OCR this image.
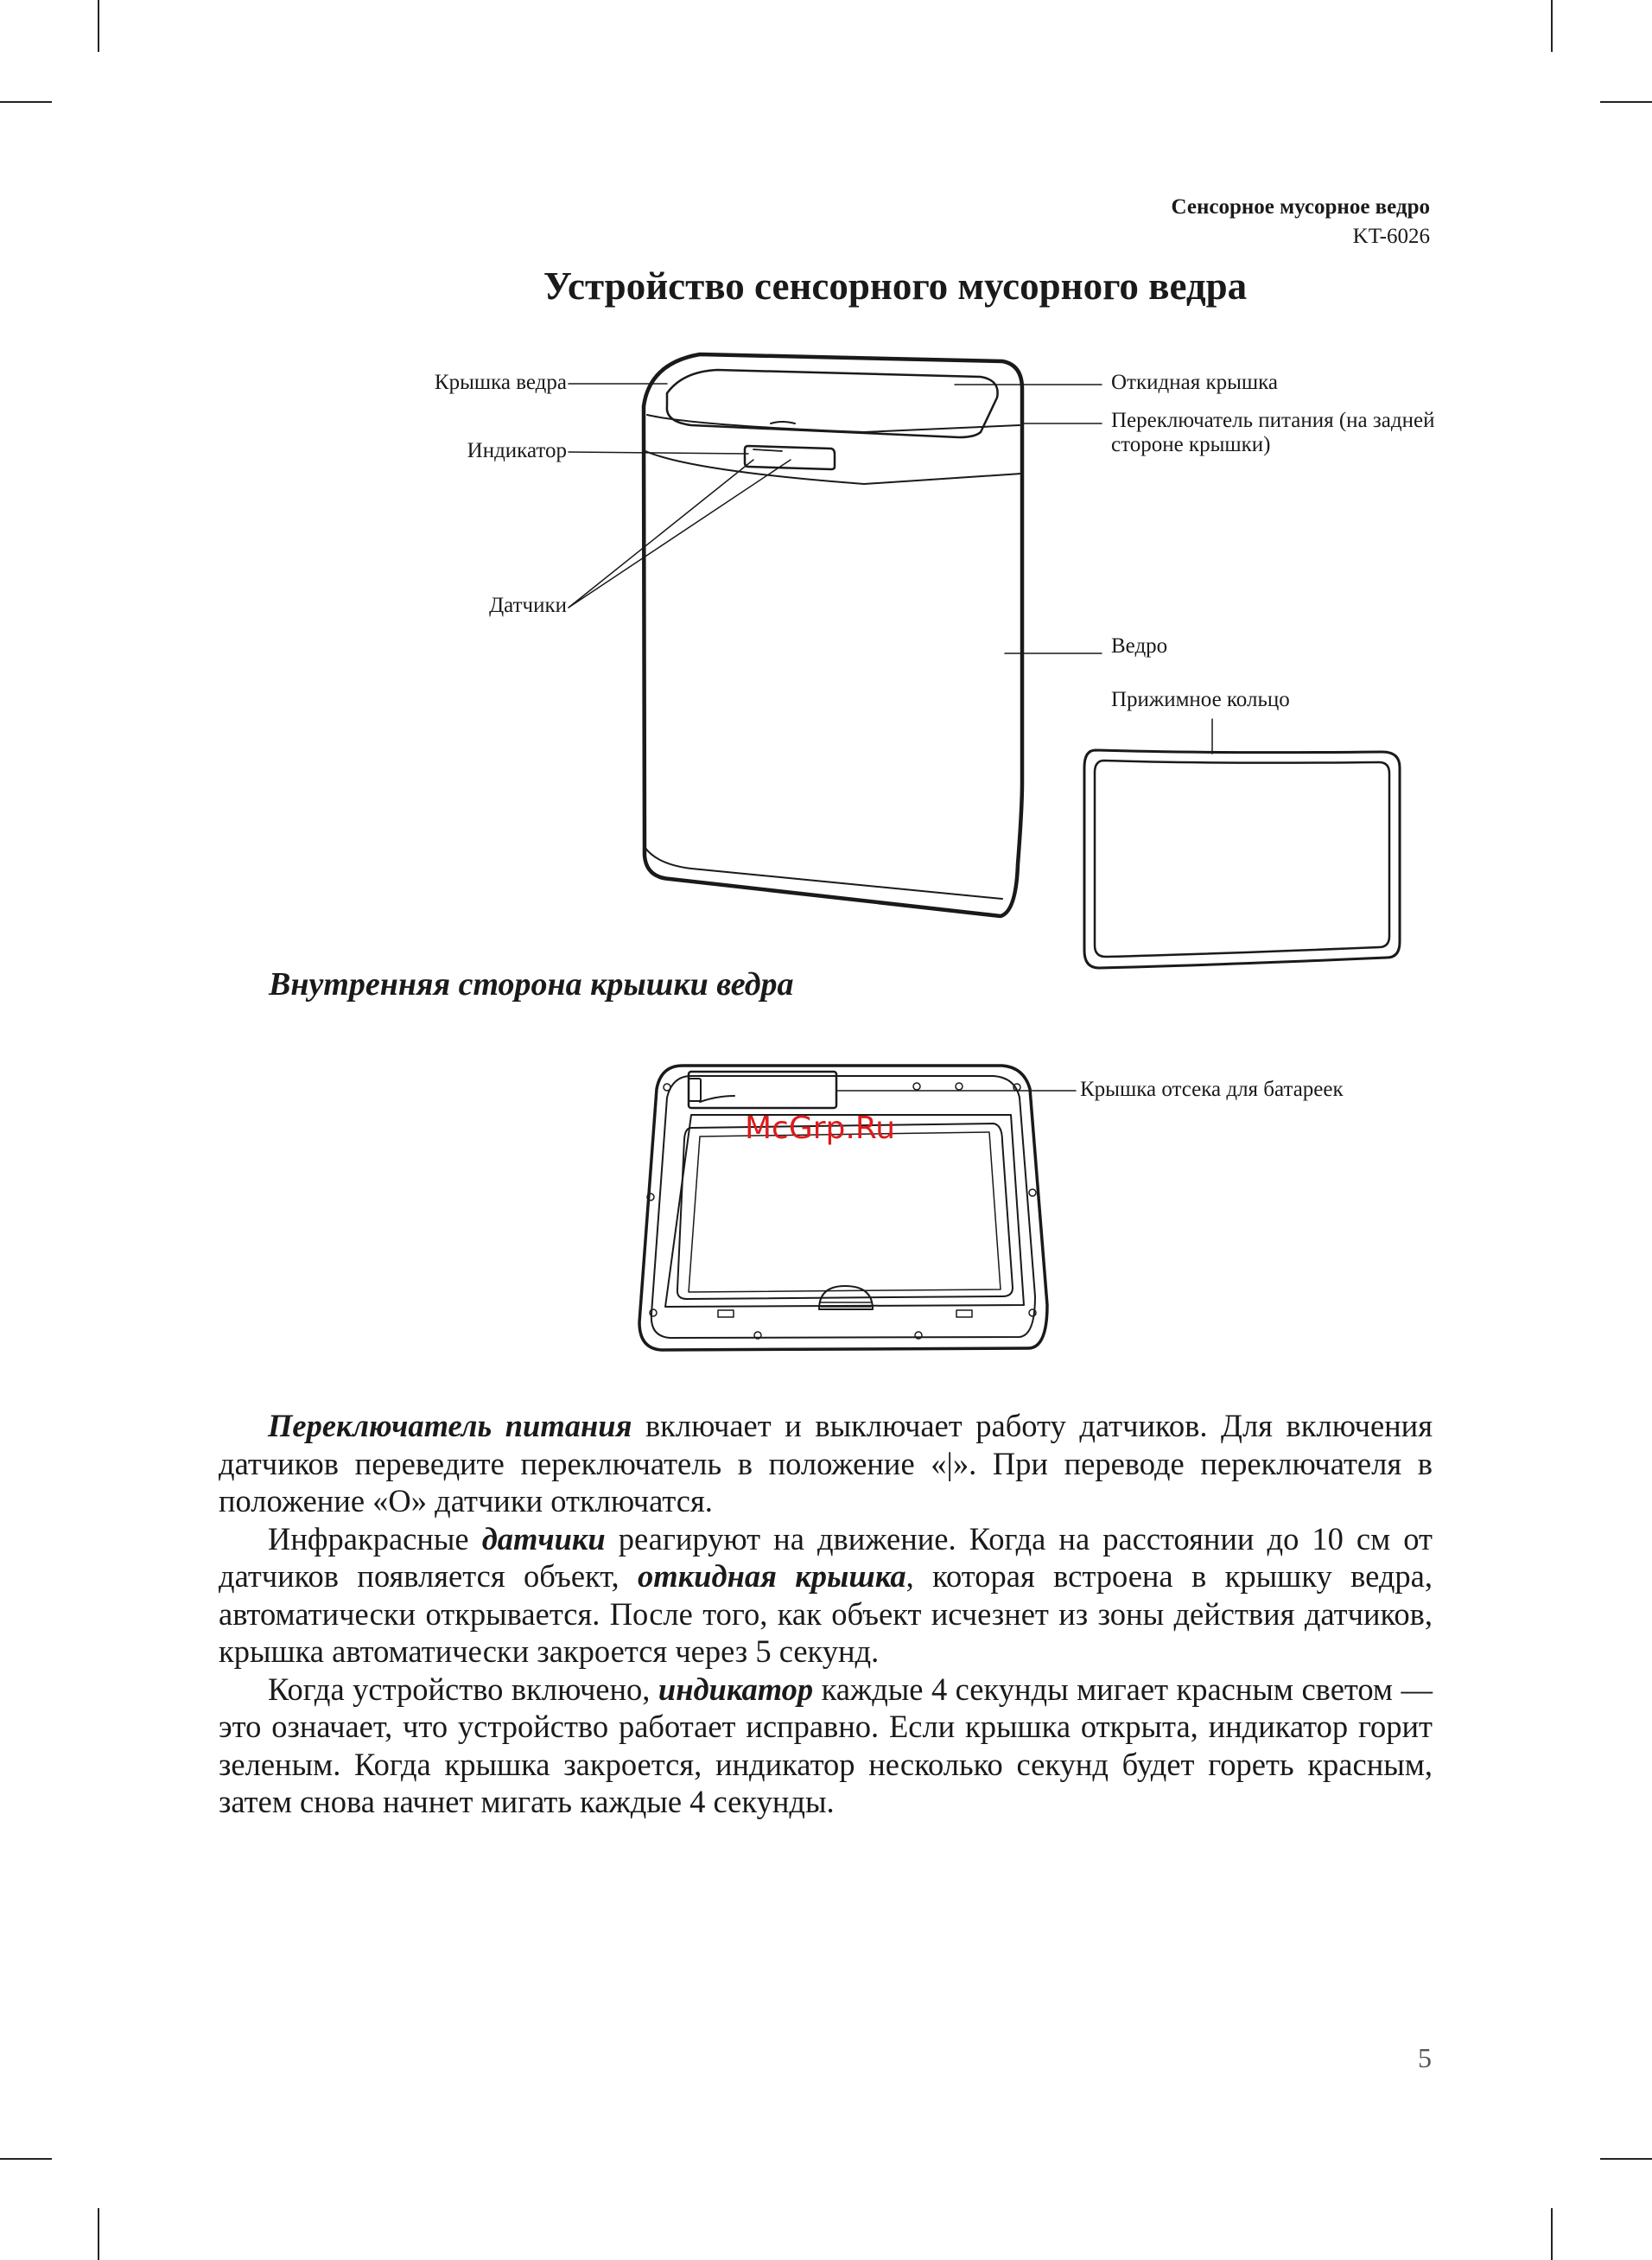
Сенсорное мусорное ведро
KT-6026
Устройство сенсорного мусорного ведра
Крышка ведра
Индикатор
Датчики
Откидная крышка
Переключатель питания (на задней
стороне крышки)
Ведро
Прижимное кольцо
Крышка отсека для батареек
Внутренняя сторона крышки ведра
McGrp.Ru

Переключатель питания включает и выключает работу датчиков. Для включения датчиков переведите переключатель в положение «|». При переводе переключателя в положение «O» датчики отключатся.

Инфракрасные датчики реагируют на движение. Когда на расстоянии до 10 см от датчиков появляется объект, откидная крышка, которая встроена в крышку ведра, автоматически открывается. После того, как объект исчезнет из зоны действия датчиков, крышка автоматически закроется через 5 секунд.

Когда устройство включено, индикатор каждые 4 секунды мигает красным светом — это означает, что устройство работает исправно. Если крышка открыта, индикатор горит зеленым. Когда крышка закроется, индикатор несколько секунд будет гореть красным, затем снова начнет мигать каждые 4 секунды.

5
